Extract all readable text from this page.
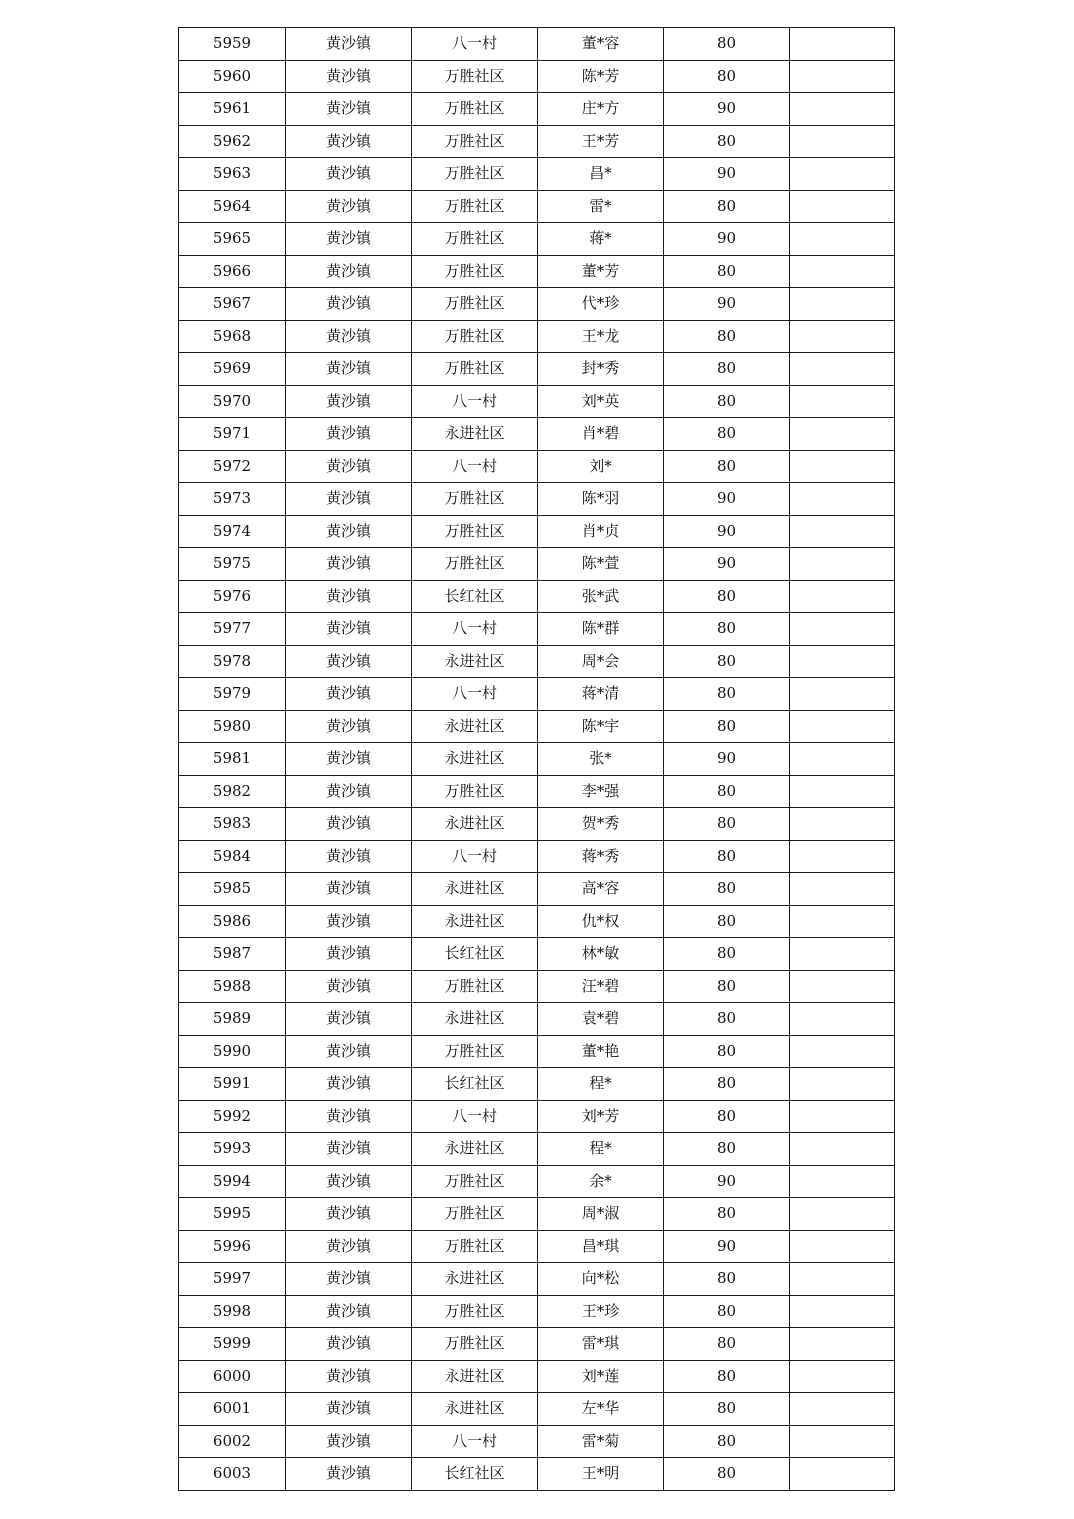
5959	黄沙镇	八一村	董*容	80	
5960	黄沙镇	万胜社区	陈*芳	80	
5961	黄沙镇	万胜社区	庄*方	90	
5962	黄沙镇	万胜社区	王*芳	80	
5963	黄沙镇	万胜社区	昌*	90	
5964	黄沙镇	万胜社区	雷*	80	
5965	黄沙镇	万胜社区	蒋*	90	
5966	黄沙镇	万胜社区	董*芳	80	
5967	黄沙镇	万胜社区	代*珍	90	
5968	黄沙镇	万胜社区	王*龙	80	
5969	黄沙镇	万胜社区	封*秀	80	
5970	黄沙镇	八一村	刘*英	80	
5971	黄沙镇	永进社区	肖*碧	80	
5972	黄沙镇	八一村	刘*	80	
5973	黄沙镇	万胜社区	陈*羽	90	
5974	黄沙镇	万胜社区	肖*贞	90	
5975	黄沙镇	万胜社区	陈*萱	90	
5976	黄沙镇	长红社区	张*武	80	
5977	黄沙镇	八一村	陈*群	80	
5978	黄沙镇	永进社区	周*会	80	
5979	黄沙镇	八一村	蒋*清	80	
5980	黄沙镇	永进社区	陈*宇	80	
5981	黄沙镇	永进社区	张*	90	
5982	黄沙镇	万胜社区	李*强	80	
5983	黄沙镇	永进社区	贺*秀	80	
5984	黄沙镇	八一村	蒋*秀	80	
5985	黄沙镇	永进社区	高*容	80	
5986	黄沙镇	永进社区	仇*权	80	
5987	黄沙镇	长红社区	林*敏	80	
5988	黄沙镇	万胜社区	汪*碧	80	
5989	黄沙镇	永进社区	袁*碧	80	
5990	黄沙镇	万胜社区	董*艳	80	
5991	黄沙镇	长红社区	程*	80	
5992	黄沙镇	八一村	刘*芳	80	
5993	黄沙镇	永进社区	程*	80	
5994	黄沙镇	万胜社区	余*	90	
5995	黄沙镇	万胜社区	周*淑	80	
5996	黄沙镇	万胜社区	昌*琪	90	
5997	黄沙镇	永进社区	向*松	80	
5998	黄沙镇	万胜社区	王*珍	80	
5999	黄沙镇	万胜社区	雷*琪	80	
6000	黄沙镇	永进社区	刘*莲	80	
6001	黄沙镇	永进社区	左*华	80	
6002	黄沙镇	八一村	雷*菊	80	
6003	黄沙镇	长红社区	王*明	80	
